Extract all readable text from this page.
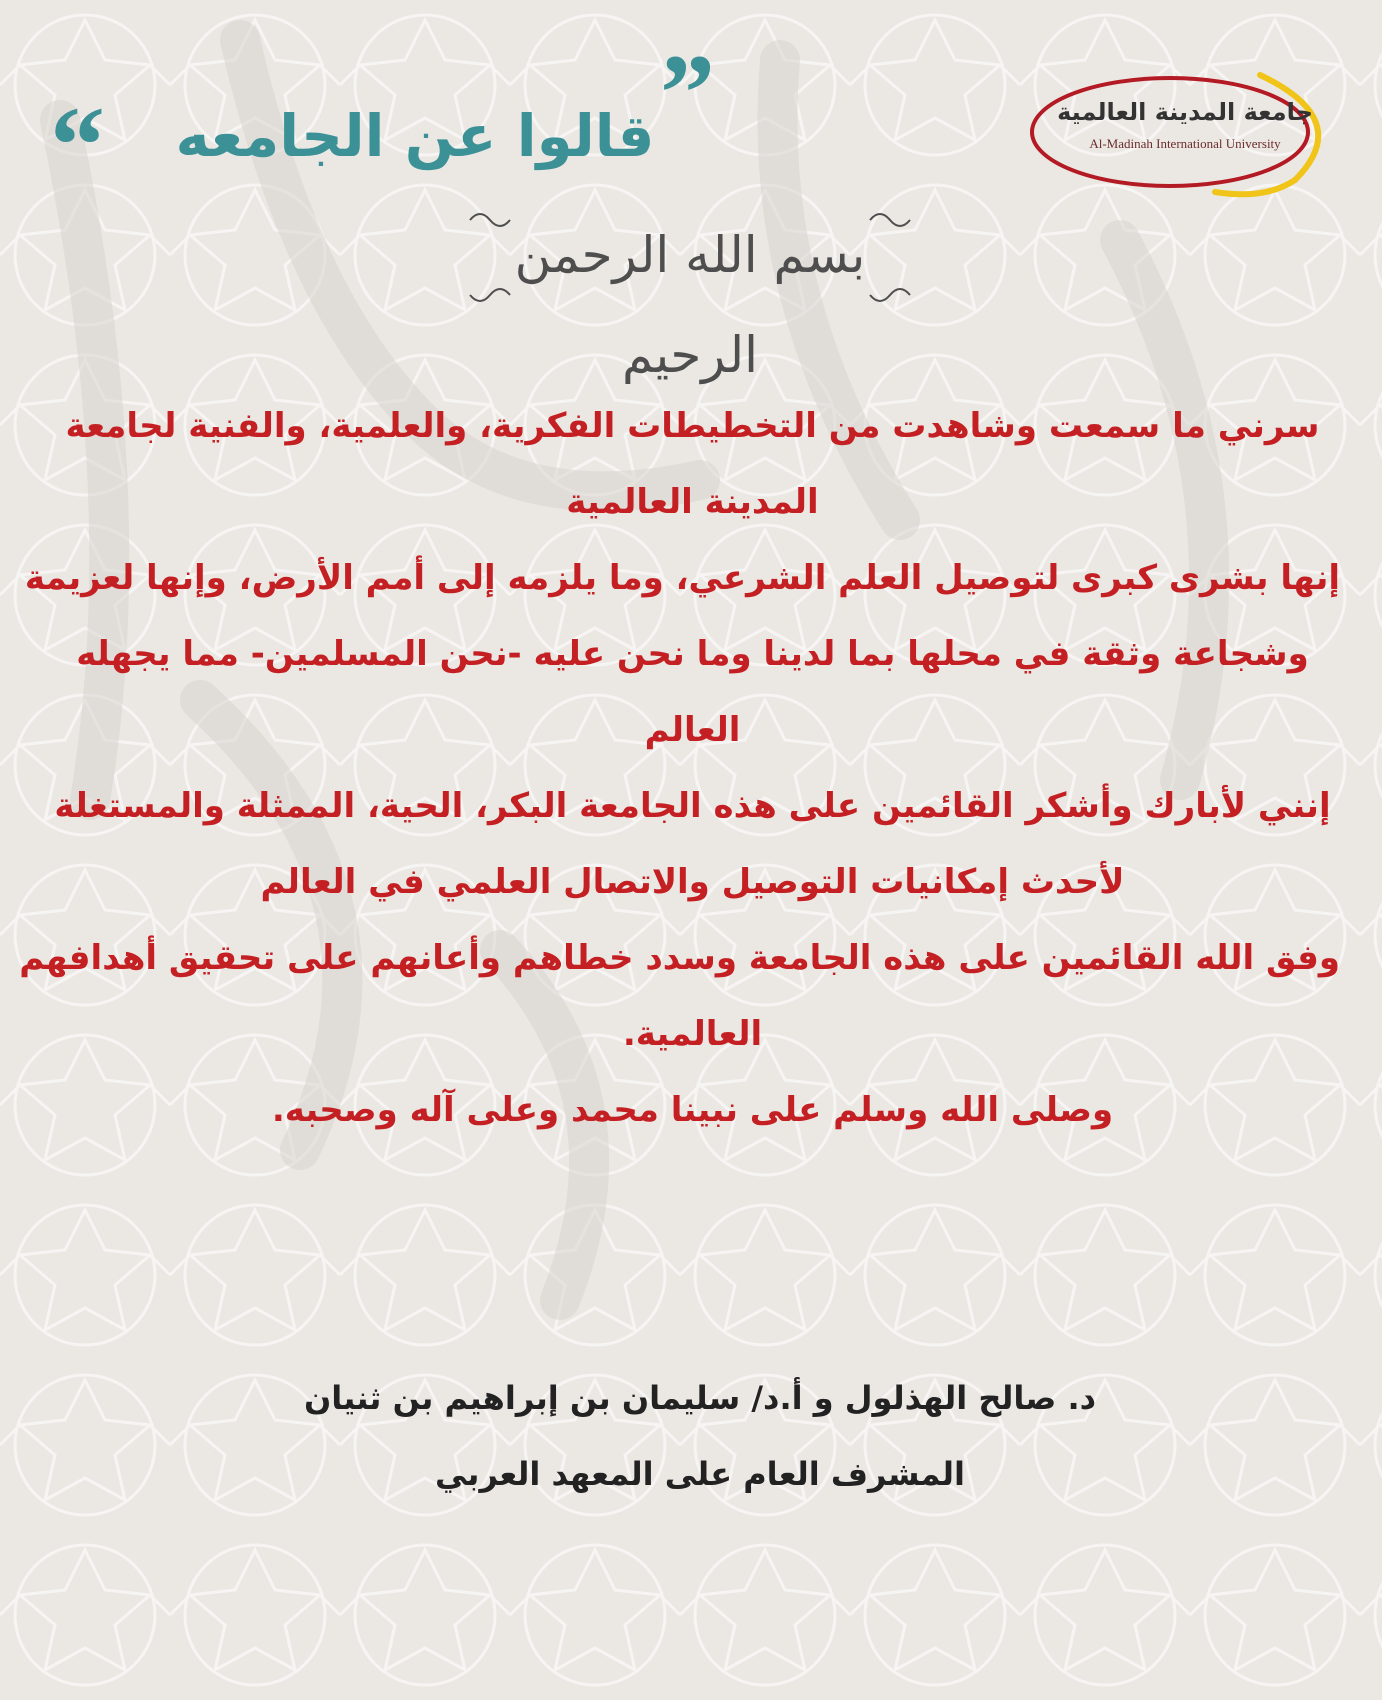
جامعة المدينة العالمية
Al-Madinah International University
“	قالوا عن الجامعه ”
بسم الله الرحمن الرحيم
سرني ما سمعت وشاهدت من التخطيطات الفكرية، والعلمية، والفنية لجامعة
المدينة العالمية
إنها بشرى كبرى لتوصيل العلم الشرعي، وما يلزمه إلى أمم الأرض، وإنها لعزيمة
وشجاعة وثقة في محلها بما لدينا وما نحن عليه -نحن المسلمين- مما يجهله
العالم
إنني لأبارك وأشكر القائمين على هذه الجامعة البكر، الحية، الممثلة والمستغلة
لأحدث إمكانيات التوصيل والاتصال العلمي في العالم
وفق الله القائمين على هذه الجامعة وسدد خطاهم وأعانهم على تحقيق أهدافهم
العالمية.
وصلى الله وسلم على نبينا محمد وعلى آله وصحبه.
د. صالح الهذلول و أ.د/ سليمان بن إبراهيم بن ثنيان
المشرف العام على المعهد العربي
